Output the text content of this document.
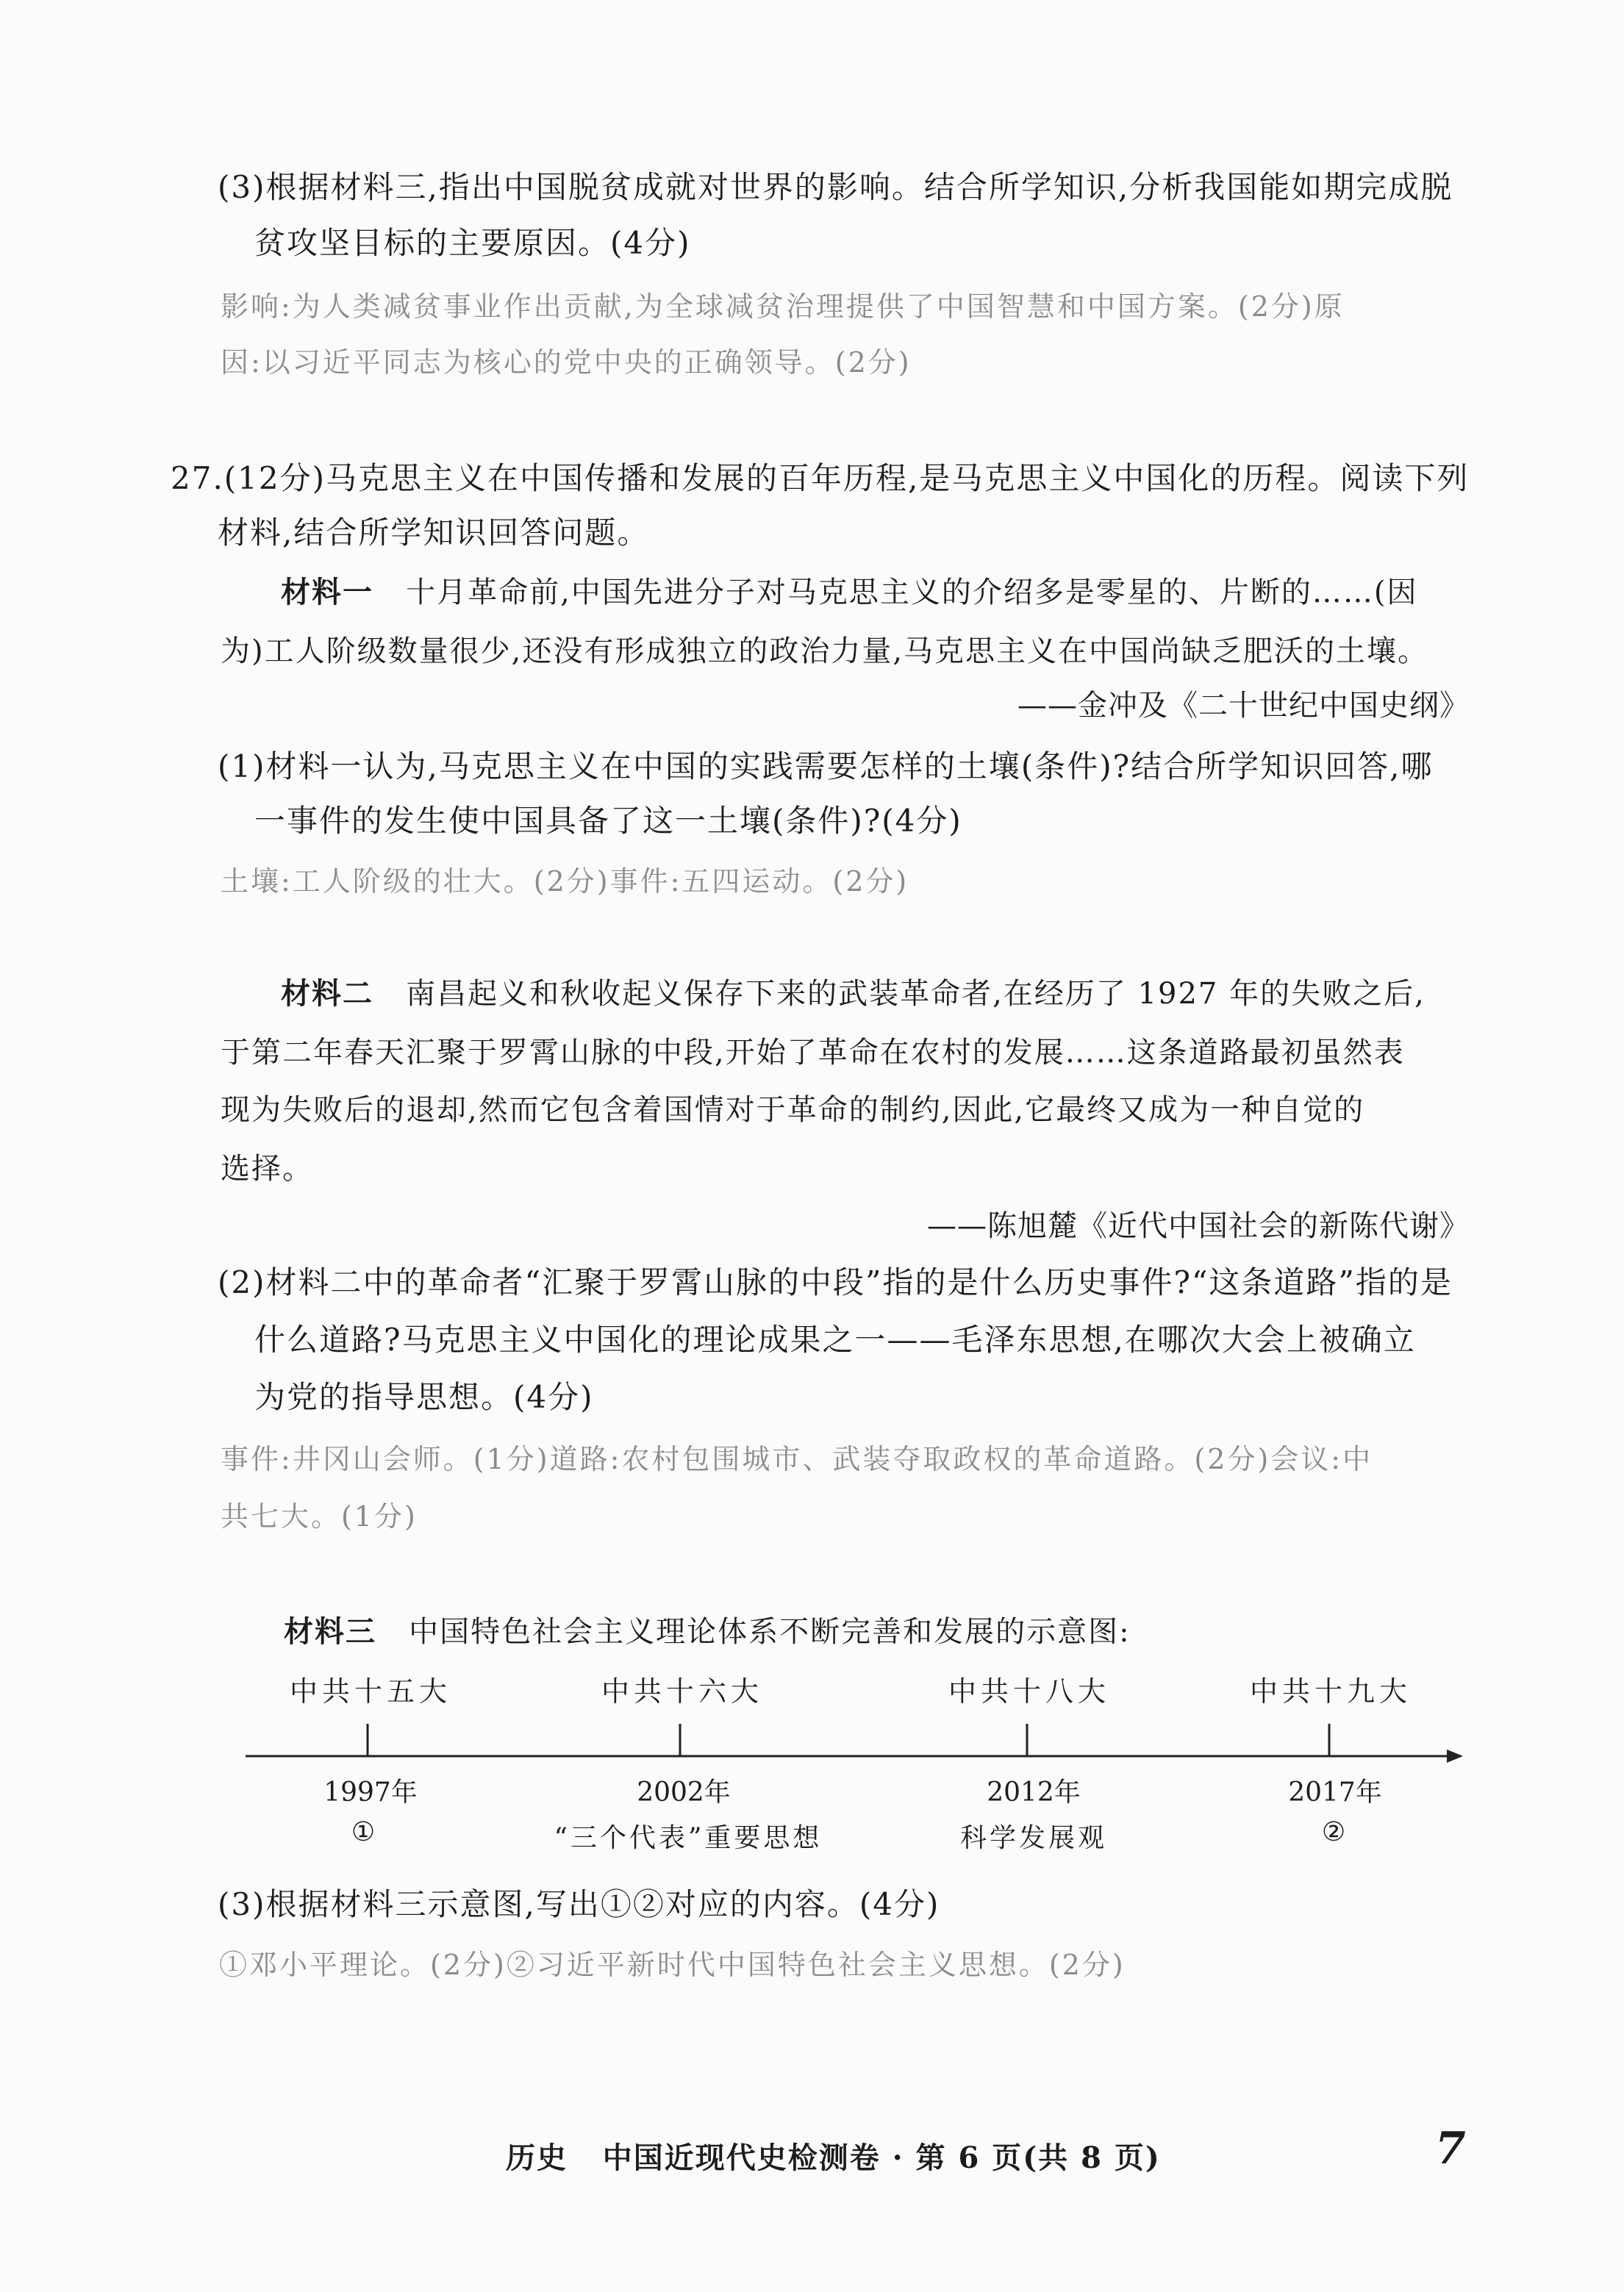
(3)根据材料三,指出中国脱贫成就对世界的影响。结合所学知识,分析我国能如期完成脱
贫攻坚目标的主要原因。(4分)
影响:为人类减贫事业作出贡献,为全球减贫治理提供了中国智慧和中国方案。(2分)原
因:以习近平同志为核心的党中央的正确领导。(2分)
27.(12分)马克思主义在中国传播和发展的百年历程,是马克思主义中国化的历程。阅读下列
材料,结合所学知识回答问题。
材料一 十月革命前,中国先进分子对马克思主义的介绍多是零星的、片断的……(因
为)工人阶级数量很少,还没有形成独立的政治力量,马克思主义在中国尚缺乏肥沃的土壤。
——金冲及《二十世纪中国史纲》
(1)材料一认为,马克思主义在中国的实践需要怎样的土壤(条件)?结合所学知识回答,哪
一事件的发生使中国具备了这一土壤(条件)?(4分)
土壤:工人阶级的壮大。(2分)事件:五四运动。(2分)
材料二 南昌起义和秋收起义保存下来的武装革命者,在经历了 1927 年的失败之后,
于第二年春天汇聚于罗霄山脉的中段,开始了革命在农村的发展……这条道路最初虽然表
现为失败后的退却,然而它包含着国情对于革命的制约,因此,它最终又成为一种自觉的
选择。
——陈旭麓《近代中国社会的新陈代谢》
(2)材料二中的革命者“汇聚于罗霄山脉的中段”指的是什么历史事件?“这条道路”指的是
什么道路?马克思主义中国化的理论成果之一——毛泽东思想,在哪次大会上被确立
为党的指导思想。(4分)
事件:井冈山会师。(1分)道路:农村包围城市、武装夺取政权的革命道路。(2分)会议:中
共七大。(1分)
材料三 中国特色社会主义理论体系不断完善和发展的示意图:
中共十五大	中共十六大	中共十八大	中共十九大
1997年	2002年	2012年	2017年
①	“三个代表”重要思想	科学发展观	②
(3)根据材料三示意图,写出①②对应的内容。(4分)
①邓小平理论。(2分)②习近平新时代中国特色社会主义思想。(2分)
历史 中国近现代史检测卷 · 第 6 页(共 8 页)	7
